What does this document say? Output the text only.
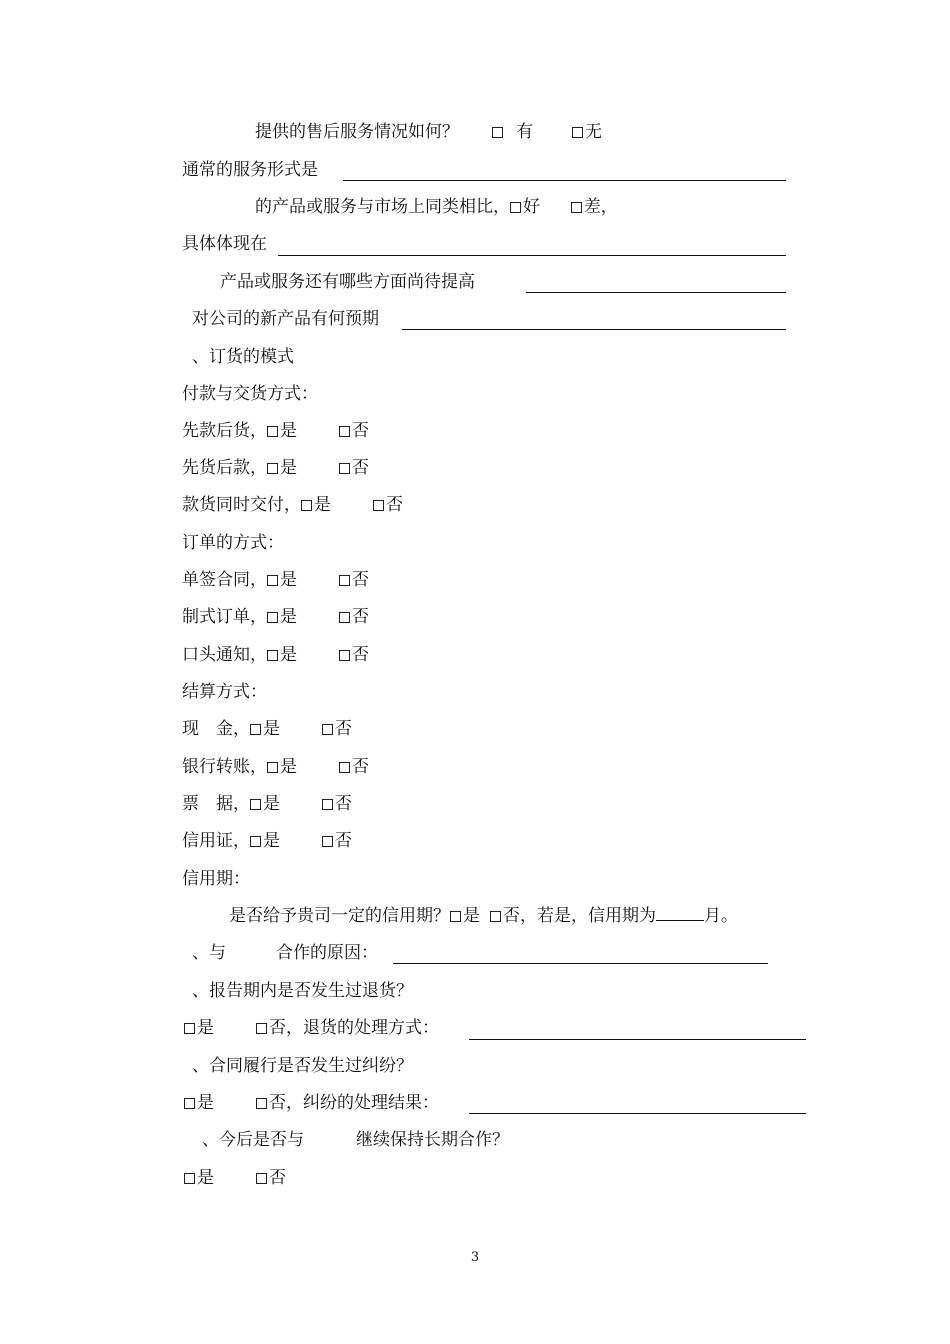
提供的售后服务情况如何？	有	无
通常的服务形式是
的产品或服务与市场上同类相比， 好	差，
具体体现在
产品或服务还有哪些方面尚待提高
对公司的新产品有何预期
、订货的模式
付款与交货方式：
先款后货， 是	否
先货后款， 是	否
款货同时交付， 是	否
订单的方式：
单签合同， 是	否
制式订单， 是	否
口头通知， 是	否
结算方式：
现　金， 是	否
银行转账， 是	否
票　据， 是	否
信用证， 是	否
信用期：
是否给予贵司一定的信用期？ 是 否，若是，信用期为	月。
、与	合作的原因：
、报告期内是否发生过退货？
是	否，退货的处理方式：
、合同履行是否发生过纠纷？
是	否，纠纷的处理结果：
、今后是否与	继续保持长期合作？
是	否
3
